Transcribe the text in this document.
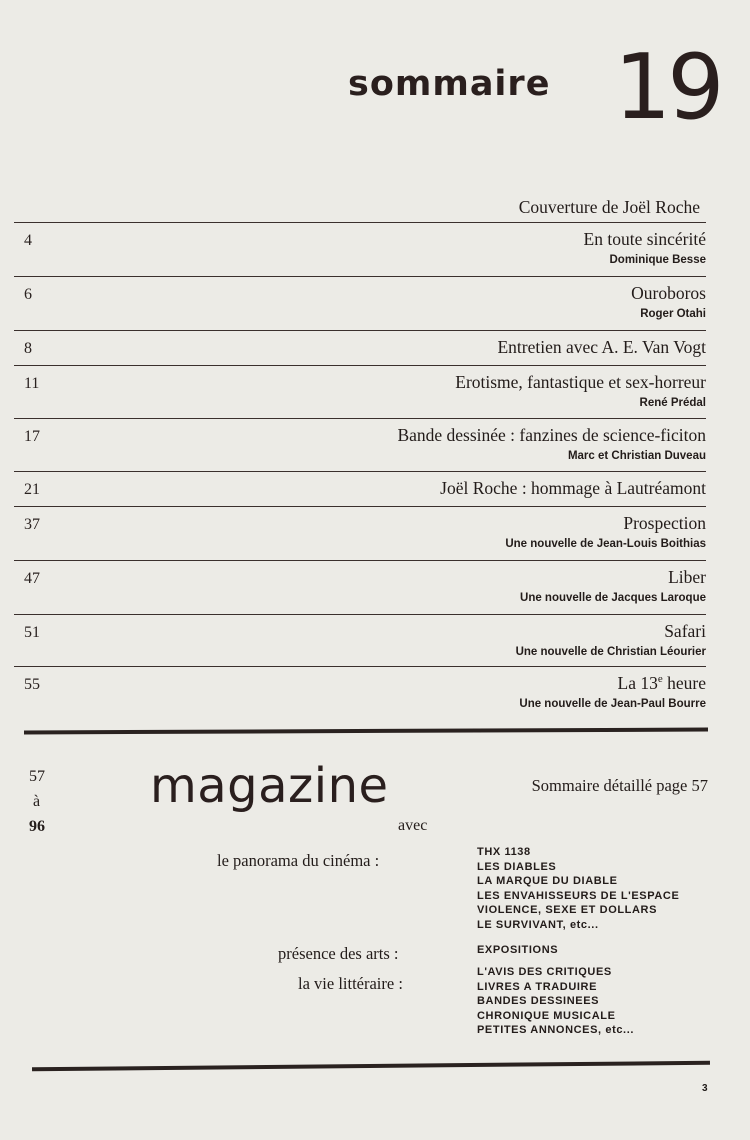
sommaire 19
Couverture de Joël Roche
4	En toute sincérité
Dominique Besse
6	Ouroboros
Roger Otahi
8	Entretien avec A. E. Van Vogt
11	Erotisme, fantastique et sex-horreur
René Prédal
17	Bande dessinée : fanzines de science-ficiton
Marc et Christian Duveau
21	Joël Roche : hommage à Lautréamont
37	Prospection
Une nouvelle de Jean-Louis Boithias
47	Liber
Une nouvelle de Jacques Laroque
51	Safari
Une nouvelle de Christian Léourier
55	La 13e heure
Une nouvelle de Jean-Paul Bourre
57
à
96
magazine	Sommaire détaillé page 57
avec
le panorama du cinéma :	THX 1138
LES DIABLES
LA MARQUE DU DIABLE
LES ENVAHISSEURS DE L'ESPACE
VIOLENCE, SEXE ET DOLLARS
LE SURVIVANT, etc...
présence des arts :	EXPOSITIONS
la vie littéraire :
L'AVIS DES CRITIQUES
LIVRES A TRADUIRE
BANDES DESSINEES
CHRONIQUE MUSICALE
PETITES ANNONCES, etc...
3
